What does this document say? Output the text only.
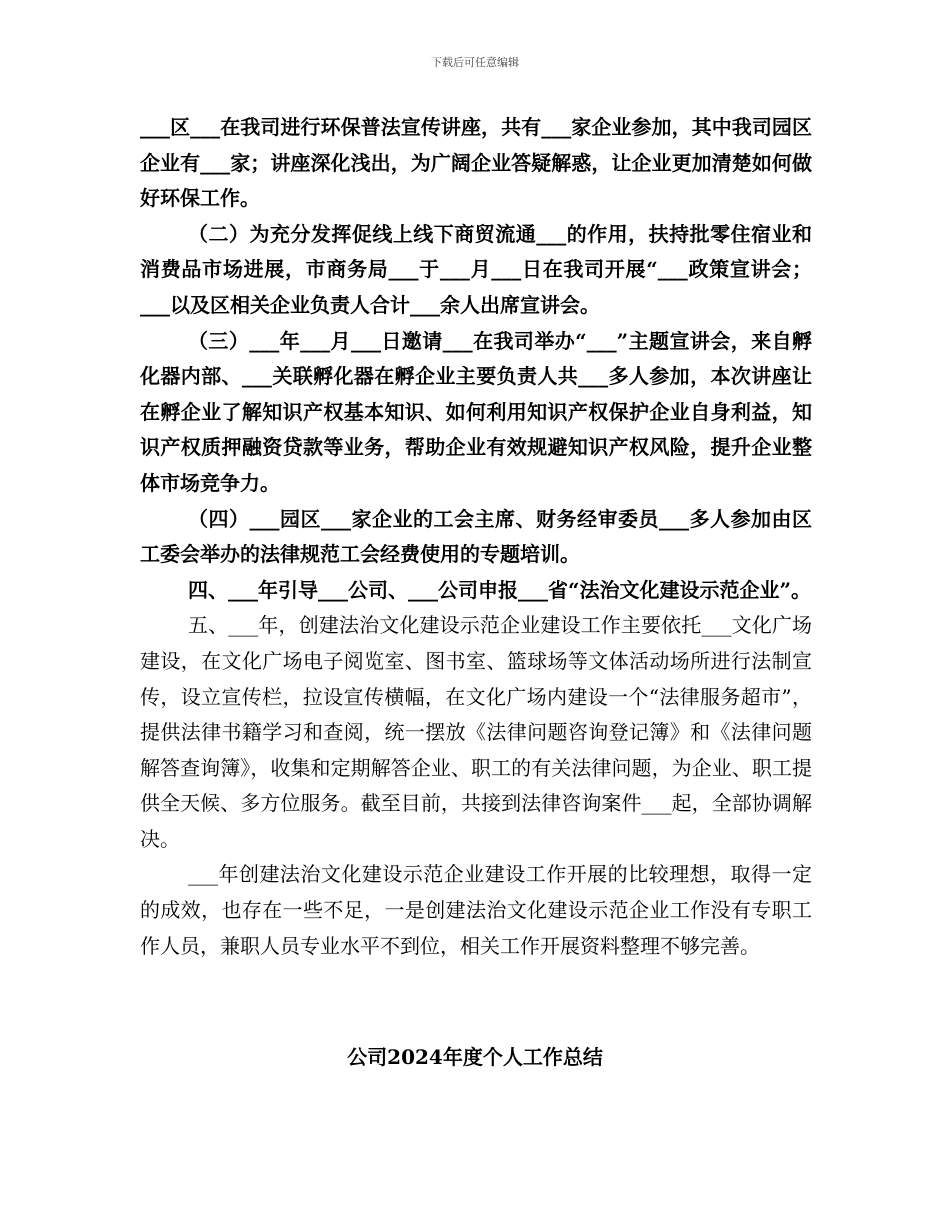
下载后可任意编辑

___区___在我司进行环保普法宣传讲座，共有___家企业参加，其中我司园区企业有___家；讲座深化浅出，为广阔企业答疑解惑，让企业更加清楚如何做好环保工作。

（二）为充分发挥促线上线下商贸流通___的作用，扶持批零住宿业和消费品市场进展，市商务局___于___月___日在我司开展“___政策宣讲会；___以及区相关企业负责人合计___余人出席宣讲会。

（三）___年___月___日邀请___在我司举办“___”主题宣讲会，来自孵化器内部、___关联孵化器在孵企业主要负责人共___多人参加，本次讲座让在孵企业了解知识产权基本知识、如何利用知识产权保护企业自身利益，知识产权质押融资贷款等业务，帮助企业有效规避知识产权风险，提升企业整体市场竞争力。

（四）___园区___家企业的工会主席、财务经审委员___多人参加由区工委会举办的法律规范工会经费使用的专题培训。

四、___年引导___公司、___公司申报___省“法治文化建设示范企业”。

五、___年，创建法治文化建设示范企业建设工作主要依托___文化广场建设，在文化广场电子阅览室、图书室、篮球场等文体活动场所进行法制宣传，设立宣传栏，拉设宣传横幅，在文化广场内建设一个“法律服务超市”，提供法律书籍学习和查阅，统一摆放《法律问题咨询登记簿》和《法律问题解答查询簿》，收集和定期解答企业、职工的有关法律问题，为企业、职工提供全天候、多方位服务。截至目前，共接到法律咨询案件___起，全部协调解决。

___年创建法治文化建设示范企业建设工作开展的比较理想，取得一定的成效，也存在一些不足，一是创建法治文化建设示范企业工作没有专职工作人员，兼职人员专业水平不到位，相关工作开展资料整理不够完善。

公司2024年度个人工作总结
